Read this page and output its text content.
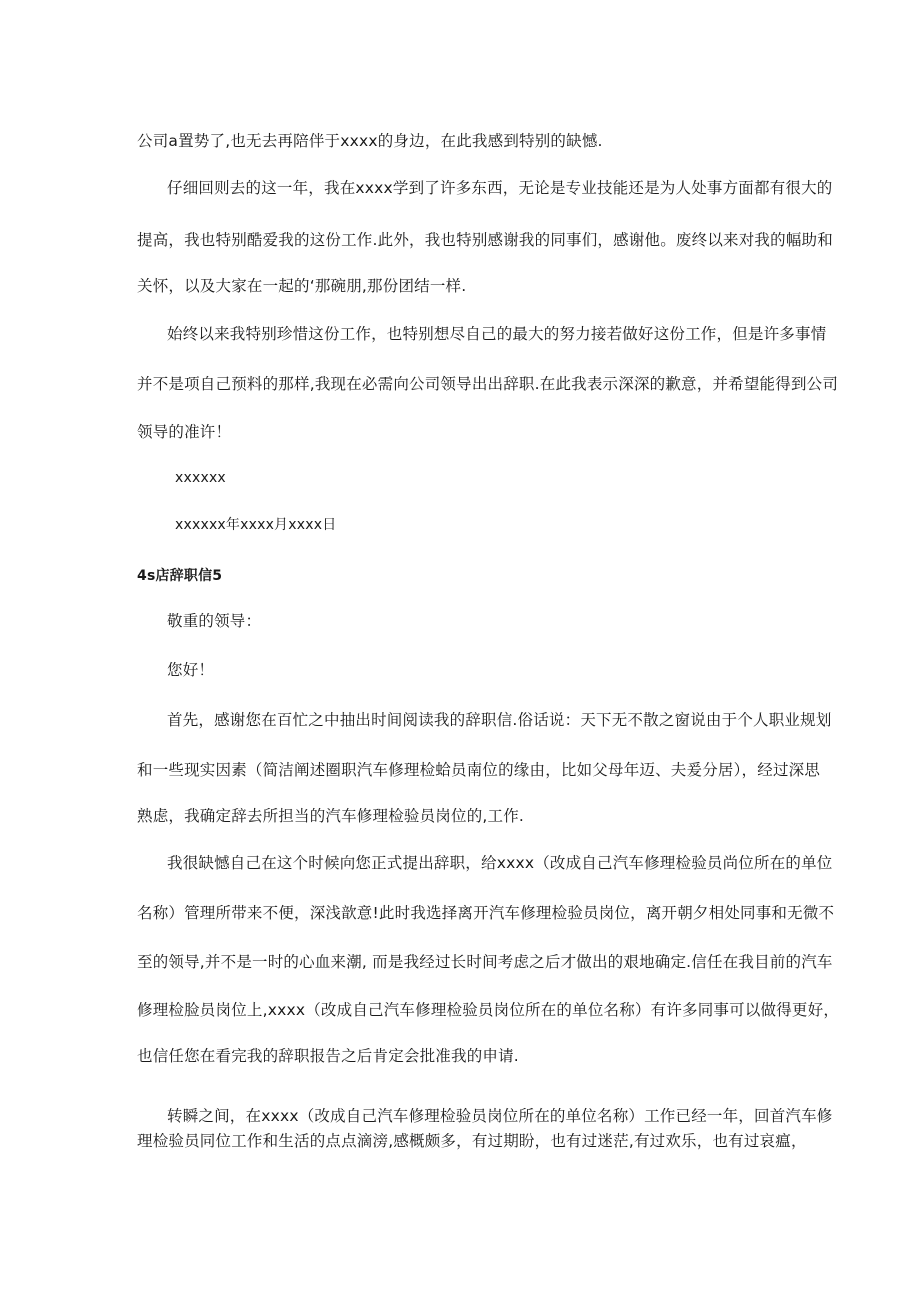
公司a置势了,也无去再陪伴于xxxx的身边，在此我感到特别的缺憾.
仔细回则去的这一年，我在xxxx学到了许多东西，无论是专业技能还是为人处事方面都有很大的
提高，我也特别酷爱我的这份工作.此外，我也特别感谢我的同事们，感谢他。废终以来对我的幅助和
关怀，以及大家在一起的‘那碗朋,那份团结一样.
始终以来我特别珍惜这份工作，也特别想尽自己的最大的努力接若做好这份工作，但是许多事情
并不是项自己预料的那样,我现在必需向公司领导出出辞职.在此我表示深深的歉意，并希望能得到公司
领导的准许！
xxxxxx
xxxxxx年xxxx月xxxx日
4s店辞职信5
敬重的领导：
您好！
首先，感谢您在百忙之中抽出时间阅读我的辞职信.俗话说：天下无不散之窗说由于个人职业规划
和一些现实因素（简洁阐述圈职汽车修理检蛤员南位的缘由，比如父母年迈、夫爰分居），经过深思
熟虑，我确定辞去所担当的汽车修理检验员岗位的,工作.
我很缺憾自己在这个时候向您正式提出辞职，给xxxx（改成自己汽车修理检验员尚位所在的单位
名称）管理所带来不便，深浅歆意!此时我选择离开汽车修理检验员岗位，离开朝夕相处同事和无微不
至的领导,并不是一时的心血来潮, 而是我经过长时间考虑之后才做出的艰地确定.信任在我目前的汽车
修理检脸员岗位上,xxxx（改成自己汽车修理检验员岗位所在的单位名称）有许多同事可以做得更好，
也信任您在看完我的辞职报告之后肯定会批准我的申请.
转瞬之间，在xxxx（改成自己汽车修理检验员岗位所在的单位名称）工作已经一年，回首汽车修
理检验员同位工作和生活的点点滴滂,感概颇多，有过期盼，也有过迷茫,有过欢乐，也有过哀瘟，
